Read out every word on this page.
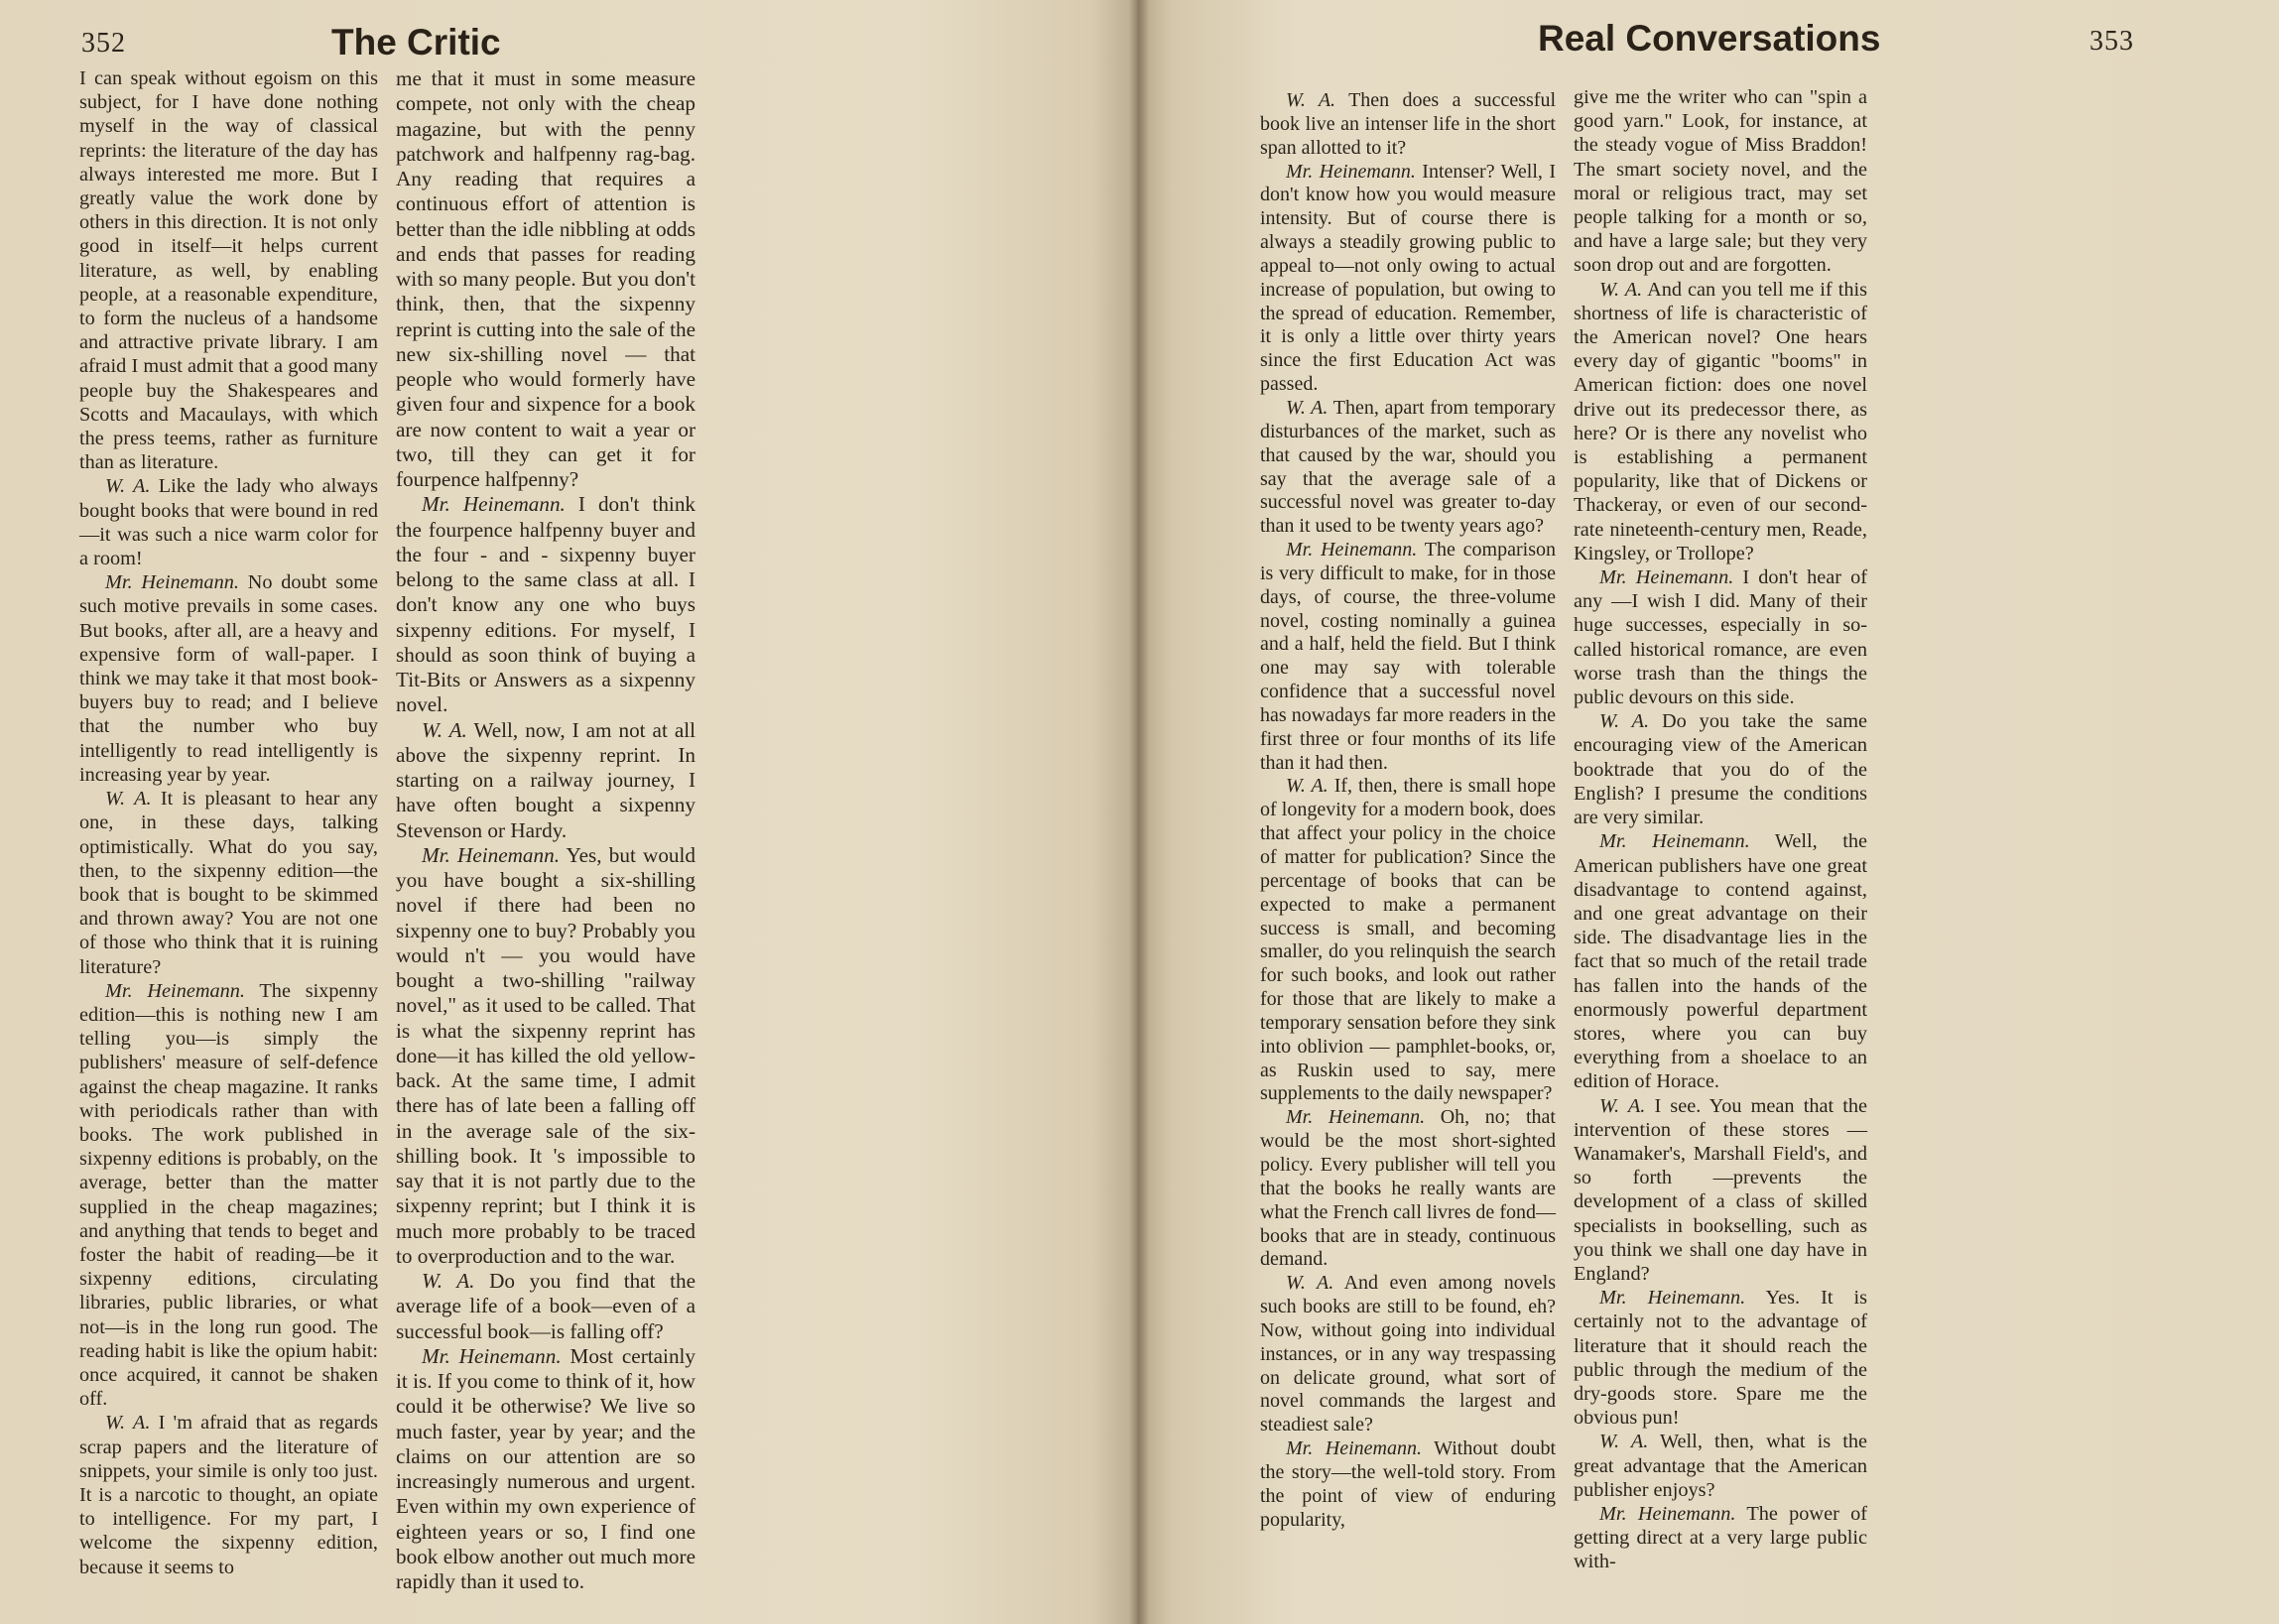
352	The Critic

I can speak without egoism on this subject, for I have done nothing myself in the way of classical reprints: the literature of the day has always interested me more. But I greatly value the work done by others in this direction. It is not only good in itself—it helps current literature, as well, by enabling people, at a reasonable expenditure, to form the nucleus of a handsome and attractive private library. I am afraid I must admit that a good many people buy the Shakespeares and Scotts and Macaulays, with which the press teems, rather as furniture than as literature.

W. A. Like the lady who always bought books that were bound in red—it was such a nice warm color for a room!

Mr. Heinemann. No doubt some such motive prevails in some cases. But books, after all, are a heavy and expensive form of wall-paper. I think we may take it that most book-buyers buy to read; and I believe that the number who buy intelligently to read intelligently is increasing year by year.

W. A. It is pleasant to hear any one, in these days, talking optimistically. What do you say, then, to the sixpenny edition—the book that is bought to be skimmed and thrown away? You are not one of those who think that it is ruining literature?

Mr. Heinemann. The sixpenny edition—this is nothing new I am telling you—is simply the publishers' measure of self-defence against the cheap magazine. It ranks with periodicals rather than with books. The work published in sixpenny editions is probably, on the average, better than the matter supplied in the cheap magazines; and anything that tends to beget and foster the habit of reading—be it sixpenny editions, circulating libraries, public libraries, or what not—is in the long run good. The reading habit is like the opium habit: once acquired, it cannot be shaken off.

W. A. I 'm afraid that as regards scrap papers and the literature of snippets, your simile is only too just. It is a narcotic to thought, an opiate to intelligence. For my part, I welcome the sixpenny edition, because it seems to

me that it must in some measure compete, not only with the cheap magazine, but with the penny patchwork and halfpenny rag-bag. Any reading that requires a continuous effort of attention is better than the idle nibbling at odds and ends that passes for reading with so many people. But you don't think, then, that the sixpenny reprint is cutting into the sale of the new six-shilling novel — that people who would formerly have given four and sixpence for a book are now content to wait a year or two, till they can get it for fourpence halfpenny?

Mr. Heinemann. I don't think the fourpence halfpenny buyer and the four - and - sixpenny buyer belong to the same class at all. I don't know any one who buys sixpenny editions. For myself, I should as soon think of buying a Tit-Bits or Answers as a sixpenny novel.

W. A. Well, now, I am not at all above the sixpenny reprint. In starting on a railway journey, I have often bought a sixpenny Stevenson or Hardy.

Mr. Heinemann. Yes, but would you have bought a six-shilling novel if there had been no sixpenny one to buy? Probably you would n't — you would have bought a two-shilling "railway novel," as it used to be called. That is what the sixpenny reprint has done—it has killed the old yellow-back. At the same time, I admit there has of late been a falling off in the average sale of the six-shilling book. It 's impossible to say that it is not partly due to the sixpenny reprint; but I think it is much more probably to be traced to overproduction and to the war.

W. A. Do you find that the average life of a book—even of a successful book—is falling off?

Mr. Heinemann. Most certainly it is. If you come to think of it, how could it be otherwise? We live so much faster, year by year; and the claims on our attention are so increasingly numerous and urgent. Even within my own experience of eighteen years or so, I find one book elbow another out much more rapidly than it used to.

Real Conversations	353

W. A. Then does a successful book live an intenser life in the short span allotted to it?

Mr. Heinemann. Intenser? Well, I don't know how you would measure intensity. But of course there is always a steadily growing public to appeal to—not only owing to actual increase of population, but owing to the spread of education. Remember, it is only a little over thirty years since the first Education Act was passed.

W. A. Then, apart from temporary disturbances of the market, such as that caused by the war, should you say that the average sale of a successful novel was greater to-day than it used to be twenty years ago?

Mr. Heinemann. The comparison is very difficult to make, for in those days, of course, the three-volume novel, costing nominally a guinea and a half, held the field. But I think one may say with tolerable confidence that a successful novel has nowadays far more readers in the first three or four months of its life than it had then.

W. A. If, then, there is small hope of longevity for a modern book, does that affect your policy in the choice of matter for publication? Since the percentage of books that can be expected to make a permanent success is small, and becoming smaller, do you relinquish the search for such books, and look out rather for those that are likely to make a temporary sensation before they sink into oblivion — pamphlet-books, or, as Ruskin used to say, mere supplements to the daily newspaper?

Mr. Heinemann. Oh, no; that would be the most short-sighted policy. Every publisher will tell you that the books he really wants are what the French call livres de fond—books that are in steady, continuous demand.

W. A. And even among novels such books are still to be found, eh? Now, without going into individual instances, or in any way trespassing on delicate ground, what sort of novel commands the largest and steadiest sale?

Mr. Heinemann. Without doubt the story—the well-told story. From the point of view of enduring popularity,

give me the writer who can "spin a good yarn." Look, for instance, at the steady vogue of Miss Braddon! The smart society novel, and the moral or religious tract, may set people talking for a month or so, and have a large sale; but they very soon drop out and are forgotten.

W. A. And can you tell me if this shortness of life is characteristic of the American novel? One hears every day of gigantic "booms" in American fiction: does one novel drive out its predecessor there, as here? Or is there any novelist who is establishing a permanent popularity, like that of Dickens or Thackeray, or even of our second-rate nineteenth-century men, Reade, Kingsley, or Trollope?

Mr. Heinemann. I don't hear of any —I wish I did. Many of their huge successes, especially in so-called historical romance, are even worse trash than the things the public devours on this side.

W. A. Do you take the same encouraging view of the American booktrade that you do of the English? I presume the conditions are very similar.

Mr. Heinemann. Well, the American publishers have one great disadvantage to contend against, and one great advantage on their side. The disadvantage lies in the fact that so much of the retail trade has fallen into the hands of the enormously powerful department stores, where you can buy everything from a shoelace to an edition of Horace.

W. A. I see. You mean that the intervention of these stores — Wanamaker's, Marshall Field's, and so forth —prevents the development of a class of skilled specialists in bookselling, such as you think we shall one day have in England?

Mr. Heinemann. Yes. It is certainly not to the advantage of literature that it should reach the public through the medium of the dry-goods store. Spare me the obvious pun!

W. A. Well, then, what is the great advantage that the American publisher enjoys?

Mr. Heinemann. The power of getting direct at a very large public with-
